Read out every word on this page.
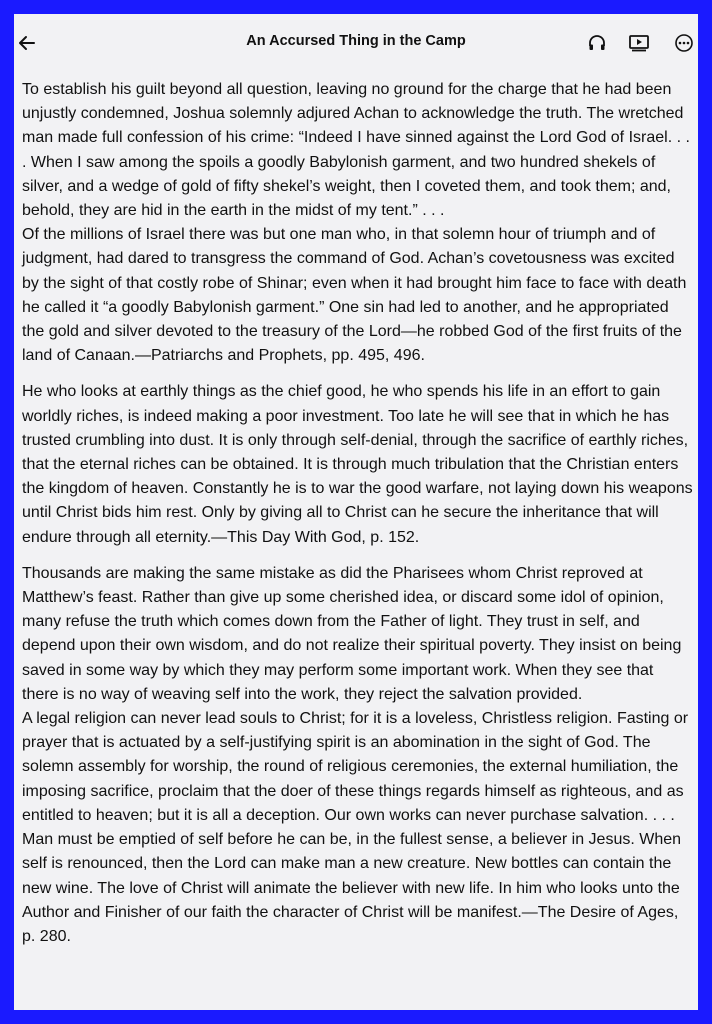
An Accursed Thing in the Camp

To establish his guilt beyond all question, leaving no ground for the charge that he had been unjustly condemned, Joshua solemnly adjured Achan to acknowledge the truth. The wretched man made full confession of his crime: “Indeed I have sinned against the Lord God of Israel. . . . When I saw among the spoils a goodly Babylonish garment, and two hundred shekels of silver, and a wedge of gold of fifty shekel’s weight, then I coveted them, and took them; and, behold, they are hid in the earth in the midst of my tent.” . . .

Of the millions of Israel there was but one man who, in that solemn hour of triumph and of judgment, had dared to transgress the command of God. Achan’s covetousness was excited by the sight of that costly robe of Shinar; even when it had brought him face to face with death he called it “a goodly Babylonish garment.” One sin had led to another, and he appropriated the gold and silver devoted to the treasury of the Lord—he robbed God of the first fruits of the land of Canaan.—Patriarchs and Prophets, pp. 495, 496.

He who looks at earthly things as the chief good, he who spends his life in an effort to gain worldly riches, is indeed making a poor investment. Too late he will see that in which he has trusted crumbling into dust. It is only through self-denial, through the sacrifice of earthly riches, that the eternal riches can be obtained. It is through much tribulation that the Christian enters the kingdom of heaven. Constantly he is to war the good warfare, not laying down his weapons until Christ bids him rest. Only by giving all to Christ can he secure the inheritance that will endure through all eternity.—This Day With God, p. 152.

Thousands are making the same mistake as did the Pharisees whom Christ reproved at Matthew’s feast. Rather than give up some cherished idea, or discard some idol of opinion, many refuse the truth which comes down from the Father of light. They trust in self, and depend upon their own wisdom, and do not realize their spiritual poverty. They insist on being saved in some way by which they may perform some important work. When they see that there is no way of weaving self into the work, they reject the salvation provided.

A legal religion can never lead souls to Christ; for it is a loveless, Christless religion. Fasting or prayer that is actuated by a self-justifying spirit is an abomination in the sight of God. The solemn assembly for worship, the round of religious ceremonies, the external humiliation, the imposing sacrifice, proclaim that the doer of these things regards himself as righteous, and as entitled to heaven; but it is all a deception. Our own works can never purchase salvation. . . .

Man must be emptied of self before he can be, in the fullest sense, a believer in Jesus. When self is renounced, then the Lord can make man a new creature. New bottles can contain the new wine. The love of Christ will animate the believer with new life. In him who looks unto the Author and Finisher of our faith the character of Christ will be manifest.—The Desire of Ages, p. 280.
